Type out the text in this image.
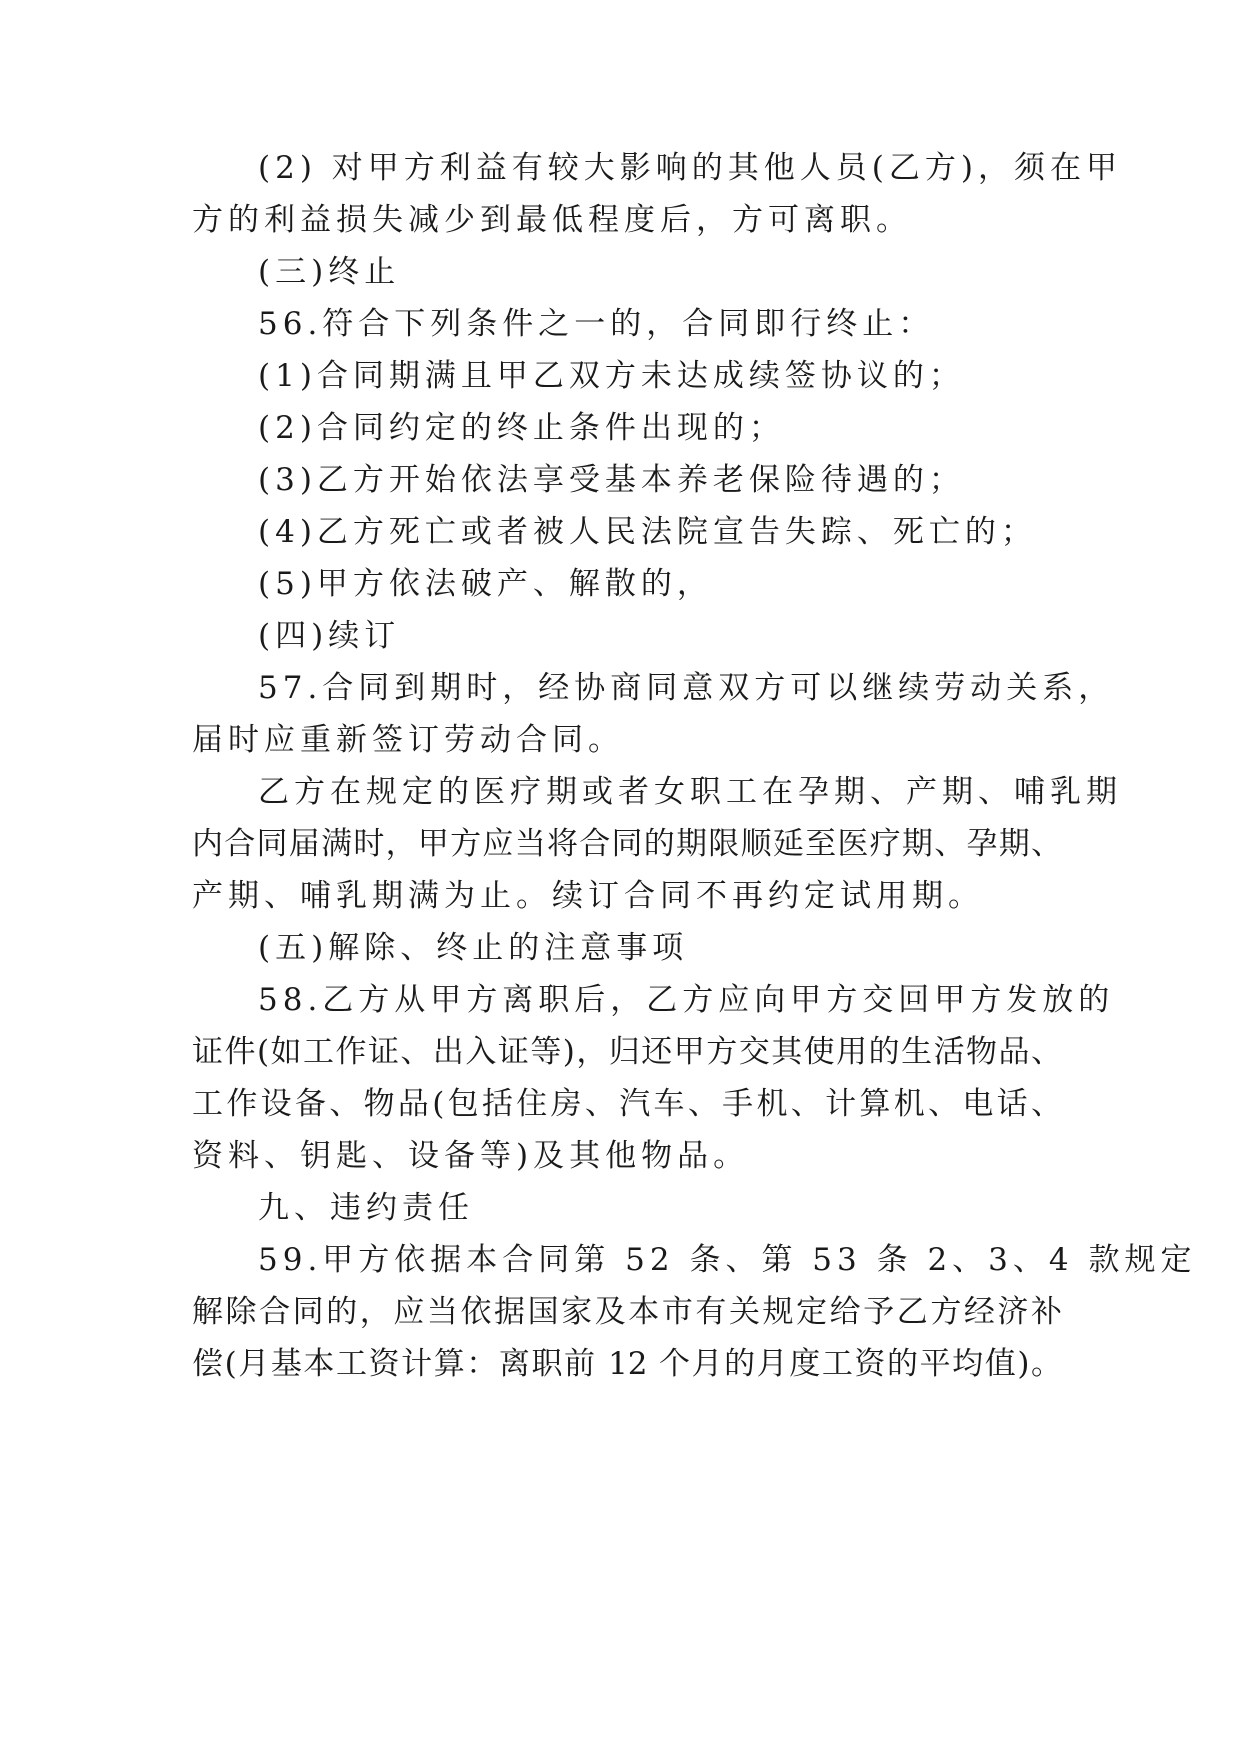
(2) 对甲方利益有较大影响的其他人员(乙方)，须在甲
方的利益损失减少到最低程度后，方可离职。
(三)终止
56.符合下列条件之一的，合同即行终止：
(1)合同期满且甲乙双方未达成续签协议的；
(2)合同约定的终止条件出现的；
(3)乙方开始依法享受基本养老保险待遇的；
(4)乙方死亡或者被人民法院宣告失踪、死亡的；
(5)甲方依法破产、解散的，
(四)续订
57.合同到期时，经协商同意双方可以继续劳动关系，
届时应重新签订劳动合同。
乙方在规定的医疗期或者女职工在孕期、产期、哺乳期
内合同届满时，甲方应当将合同的期限顺延至医疗期、孕期、
产期、哺乳期满为止。续订合同不再约定试用期。
(五)解除、终止的注意事项
58.乙方从甲方离职后，乙方应向甲方交回甲方发放的
证件(如工作证、出入证等)，归还甲方交其使用的生活物品、
工作设备、物品(包括住房、汽车、手机、计算机、电话、
资料、钥匙、设备等)及其他物品。
九、违约责任
59.甲方依据本合同第 52 条、第 53 条 2、3、4 款规定
解除合同的，应当依据国家及本市有关规定给予乙方经济补
偿(月基本工资计算：离职前 12 个月的月度工资的平均值)。
